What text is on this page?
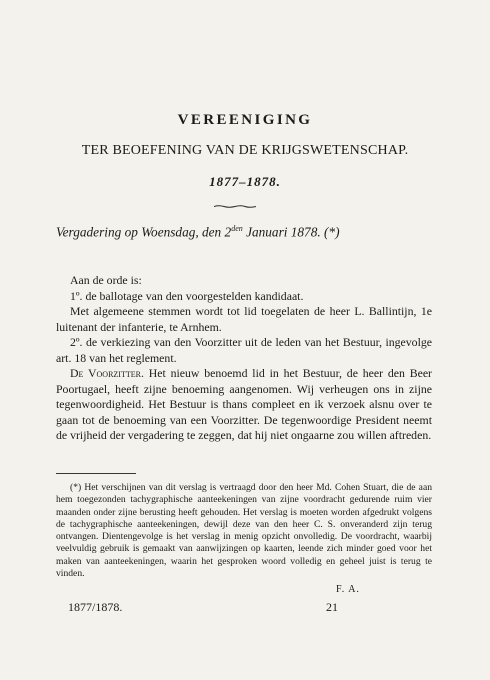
VEREENIGING
TER BEOEFENING VAN DE KRIJGSWETENSCHAP.
1877–1878.
Vergadering op Woensdag, den $2^{den}$ Januari 1878. (*)

Aan de orde is:

1º. de ballotage van den voorgestelden kandidaat.

Met algemeene stemmen wordt tot lid toegelaten de heer L. Ballintijn, 1e luitenant der infanterie, te Arnhem.

2º. de verkiezing van den Voorzitter uit de leden van het Bestuur, ingevolge art. 18 van het reglement.

De Voorzitter. Het nieuw benoemd lid in het Bestuur, de heer den Beer Poortugael, heeft zijne benoeming aangenomen. Wij verheugen ons in zijne tegenwoordigheid. Het Bestuur is thans compleet en ik verzoek alsnu over te gaan tot de benoeming van een Voorzitter. De tegenwoordige President neemt de vrijheid der vergadering te zeggen, dat hij niet ongaarne zou willen aftreden.

(*) Het verschijnen van dit verslag is vertraagd door den heer Md. Cohen Stuart, die de aan hem toegezonden tachygraphische aanteekeningen van zijne voordracht gedurende ruim vier maanden onder zijne berusting heeft gehouden. Het verslag is moeten worden afgedrukt volgens de tachygraphische aanteekeningen, dewijl deze van den heer C. S. onveranderd zijn terug ontvangen. Dientengevolge is het verslag in menig opzicht onvolledig. De voordracht, waarbij veelvuldig gebruik is gemaakt van aanwijzingen op kaarten, leende zich minder goed voor het maken van aanteekeningen, waarin het gesproken woord volledig en geheel juist is terug te vinden.

F. A.
1877/1878.	21
